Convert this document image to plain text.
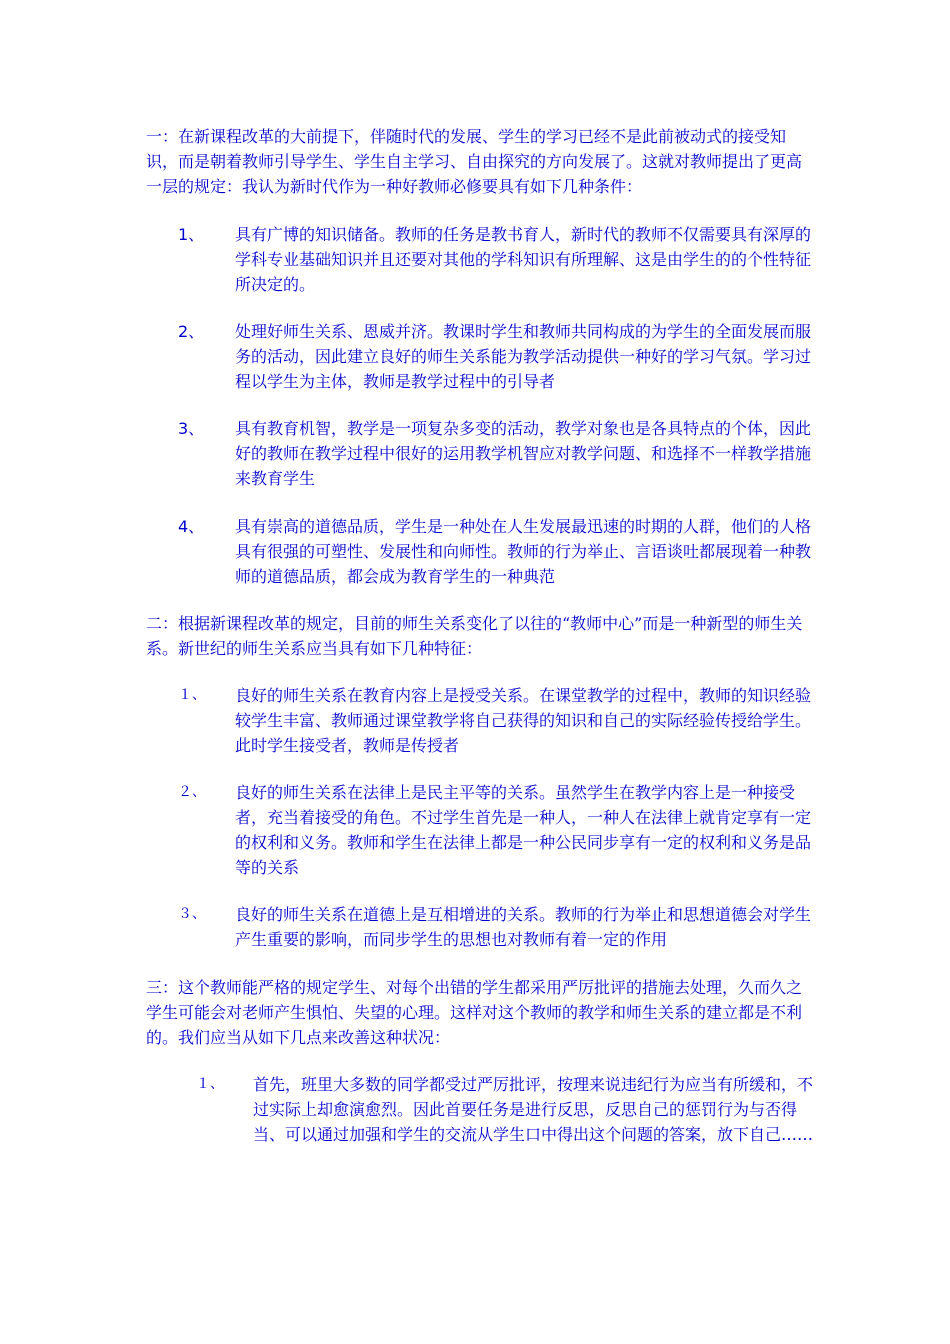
一：在新课程改革的大前提下，伴随时代的发展、学生的学习已经不是此前被动式的接受知识，而是朝着教师引导学生、学生自主学习、自由探究的方向发展了。这就对教师提出了更高一层的规定：我认为新时代作为一种好教师必修要具有如下几种条件：
1、 具有广博的知识储备。教师的任务是教书育人，新时代的教师不仅需要具有深厚的学科专业基础知识并且还要对其他的学科知识有所理解、这是由学生的的个性特征所决定的。
2、 处理好师生关系、恩威并济。教课时学生和教师共同构成的为学生的全面发展而服务的活动，因此建立良好的师生关系能为教学活动提供一种好的学习气氛。学习过程以学生为主体，教师是教学过程中的引导者
3、 具有教育机智，教学是一项复杂多变的活动，教学对象也是各具特点的个体，因此好的教师在教学过程中很好的运用教学机智应对教学问题、和选择不一样教学措施来教育学生
4、 具有崇高的道德品质，学生是一种处在人生发展最迅速的时期的人群，他们的人格具有很强的可塑性、发展性和向师性。教师的行为举止、言语谈吐都展现着一种教师的道德品质，都会成为教育学生的一种典范
二：根据新课程改革的规定，目前的师生关系变化了以往的“教师中心”而是一种新型的师生关系。新世纪的师生关系应当具有如下几种特征：
１、 良好的师生关系在教育内容上是授受关系。在课堂教学的过程中，教师的知识经验较学生丰富、教师通过课堂教学将自己获得的知识和自己的实际经验传授给学生。此时学生接受者，教师是传授者
２、 良好的师生关系在法律上是民主平等的关系。虽然学生在教学内容上是一种接受者，充当着接受的角色。不过学生首先是一种人，一种人在法律上就肯定享有一定的权利和义务。教师和学生在法律上都是一种公民同步享有一定的权利和义务是品等的关系
３、 良好的师生关系在道德上是互相增进的关系。教师的行为举止和思想道德会对学生产生重要的影响，而同步学生的思想也对教师有着一定的作用
三：这个教师能严格的规定学生、对每个出错的学生都采用严厉批评的措施去处理，久而久之学生可能会对老师产生惧怕、失望的心理。这样对这个教师的教学和师生关系的建立都是不利的。我们应当从如下几点来改善这种状况：
１、 首先，班里大多数的同学都受过严厉批评，按理来说违纪行为应当有所缓和，不过实际上却愈演愈烈。因此首要任务是进行反思，反思自己的惩罚行为与否得当、可以通过加强和学生的交流从学生口中得出这个问题的答案，放下自己……
